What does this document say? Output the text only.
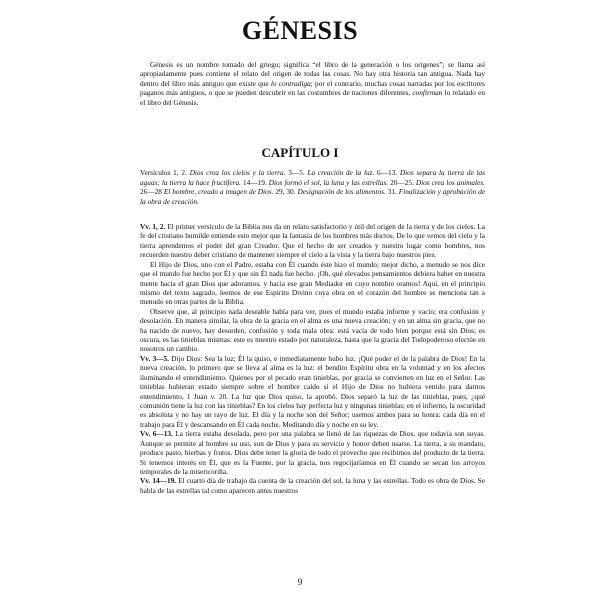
GÉNESIS

Génesis es un nombre tomado del griego; significa “el libro de la generación o los orígenes”; se llama así apropiadamente pues contiene el relato del origen de todas las cosas. No hay otra historia tan antigua. Nada hay dentro del libro más antiguo que existe que lo contradiga; por el contrario, muchas cosas narradas por los escritores paganos más antiguos, o que se pueden descubrir en las costumbres de naciones diferentes, confirman lo relatado en el libro del Génesis.

CAPÍTULO I

Versículos 1, 2. Dios crea los cielos y la tierra. 3—5. La creación de la luz. 6—13. Dios separa la tierra de las aguas; la tierra la hace fructífera. 14—19. Dios formó el sol, la luna y las estrellas. 20—25. Dios crea los animales. 26—28 El hombre, creado a imagen de Dios. 29, 30. Designación de los alimentos. 31. Finalización y aprobación de la obra de creación.

Vv. 1, 2. El primer versículo de la Biblia nos da un relato satisfactorio y útil del origen de la tierra y de los cielos. La fe del cristiano humilde entiende esto mejor que la fantasía de los hombres más doctos. De lo que vemos del cielo y la tierra aprendemos el poder del gran Creador. Que el hecho de ser creados y nuestro lugar como hombres, nos recuerden nuestro deber cristiano de mantener siempre el cielo a la vista y la tierra bajo nuestros pies.

El Hijo de Dios, uno con el Padre, estaba con Él cuando éste hizo el mundo; mejor dicho, a menudo se nos dice que el mundo fue hecho por Él y que sin Él nada fue hecho. ¡Oh, qué elevados pensamientos debiera haber en nuestra mente hacia el gran Dios que adoramos, y hacia ese gran Mediador en cuyo nombre oramos! Aquí, en el principio mismo del texto sagrado, leemos de ese Espíritu Divino cuya obra en el corazón del hombre se menciona tan a menudo en otras partes de la Biblia.

Observe que, al principio nada deseable había para ver, pues el mundo estaba informe y vacío; era confusión y desolación. En manera similar, la obra de la gracia en el alma es una nueva creación; y en un alma sin gracia, que no ha nacido de nuevo, hay desorden, confusión y toda mala obra: está vacía de todo bien porque está sin Dios; es oscura, es las tinieblas mismas: este es nuestro estado por naturaleza, hasta que la gracia del Todopoderoso efectúe en nosotros un cambio.

Vv. 3—5. Dijo Dios: Sea la luz; Él la quiso, e inmediatamente hubo luz. ¡Qué poder el de la palabra de Dios! En la nueva creación, lo primero que se lleva al alma es la luz: el bendito Espíritu obra en la voluntad y en los afectos iluminando el entendimiento. Quienes por el pecado eran tinieblas, por gracia se convierten en luz en el Señor. Las tinieblas hubieran estado siempre sobre el hombre caído si el Hijo de Dios no hubiera venido para darnos entendimiento, 1 Juan v. 20. La luz que Dios quiso, la aprobó. Dios separó la luz de las tinieblas, pues, ¿qué comunión tiene la luz con las tinieblas? En los cielos hay perfecta luz y ningunas tinieblas; en el infierno, la oscuridad es absoluta y no hay un rayo de luz. El día y la noche son del Señor; usemos ambos para su honra: cada día en el trabajo para Él y descansando en Él cada noche. Meditando día y noche en su ley.

Vv. 6—13. La tierra estaba desolada, pero por una palabra se llenó de las riquezas de Dios, que todavía son suyas. Aunque se permite al hombre su uso, son de Dios y para su servicio y honor deben usarse. La tierra, a su mandato, produce pasto, hierbas y frutos. Dios debe tener la gloria de todo el provecho que recibimos del producto de la tierra. Si tenemos interés en Él, que es la Fuente, por la gracia, nos regocijaríamos en Él cuando se secan los arroyos temporales de la misericordia.

Vv. 14—19. El cuarto día de trabajo da cuenta de la creación del sol, la luna y las estrellas. Todo es obra de Dios. Se habla de las estrellas tal como aparecen antes nuestros

9
